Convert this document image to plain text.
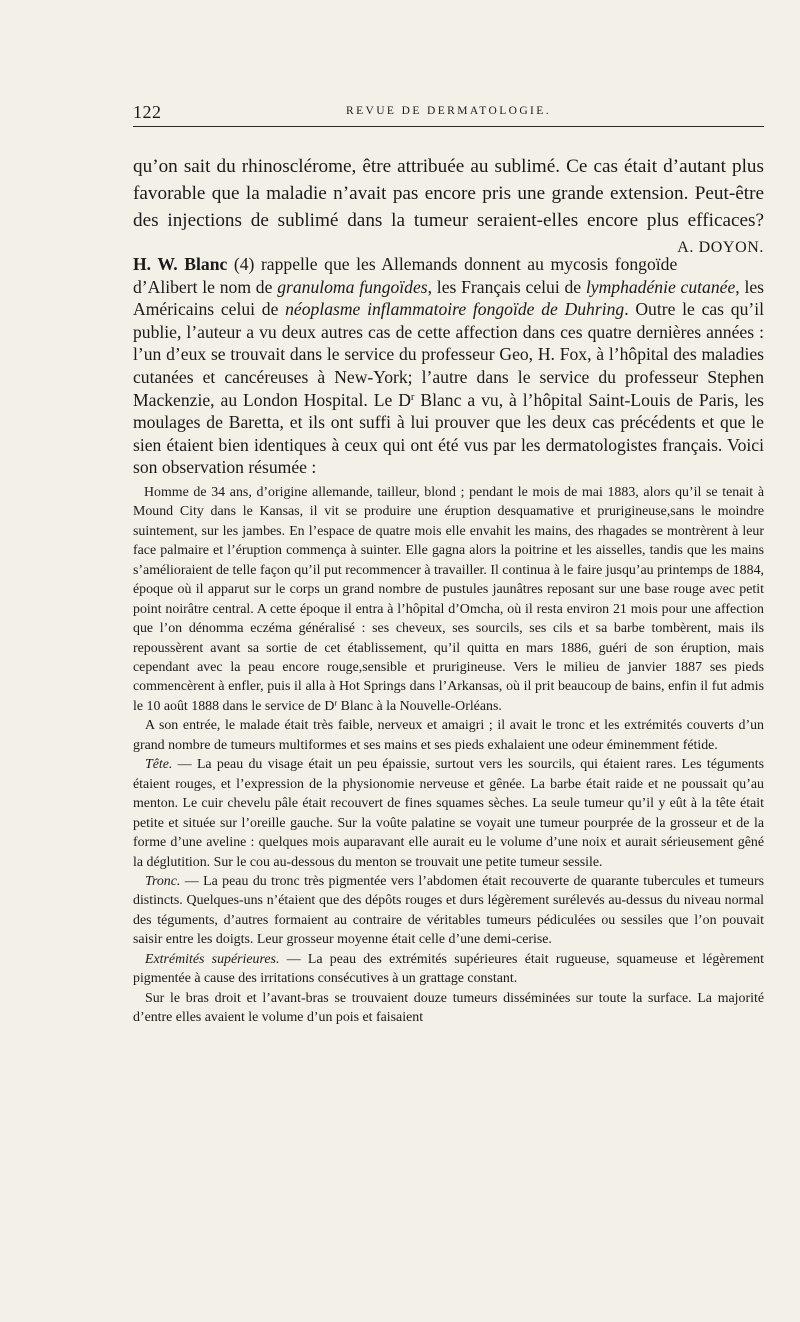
122	REVUE DE DERMATOLOGIE.
qu’on sait du rhinosclérome, être attribuée au sublimé. Ce cas était d’autant plus favorable que la maladie n’avait pas encore pris une grande extension. Peut-être des injections de sublimé dans la tumeur seraient-elles encore plus efficaces?
A. DOYON.
H. W. Blanc (4) rappelle que les Allemands donnent au mycosis fongoïde d’Alibert le nom de granuloma fungoïdes, les Français celui de lymphadénie cutanée, les Américains celui de néoplasme inflammatoire fongoïde de Duhring. Outre le cas qu’il publie, l’auteur a vu deux autres cas de cette affection dans ces quatre dernières années : l’un d’eux se trouvait dans le service du professeur Geo, H. Fox, à l’hôpital des maladies cutanées et cancéreuses à New-York; l’autre dans le service du professeur Stephen Mackenzie, au London Hospital. Le $D^r$ Blanc a vu, à l’hôpital Saint-Louis de Paris, les moulages de Baretta, et ils ont suffi à lui prouver que les deux cas précédents et que le sien étaient bien identiques à ceux qui ont été vus par les dermatologistes français. Voici son observation résumée :

Homme de 34 ans, d’origine allemande, tailleur, blond ; pendant le mois de mai 1883, alors qu’il se tenait à Mound City dans le Kansas, il vit se produire une éruption desquamative et prurigineuse,sans le moindre suintement, sur les jambes. En l’espace de quatre mois elle envahit les mains, des rhagades se montrèrent à leur face palmaire et l’éruption commença à suinter. Elle gagna alors la poitrine et les aisselles, tandis que les mains s’amélioraient de telle façon qu’il put recommencer à travailler. Il continua à le faire jusqu’au printemps de 1884, époque où il apparut sur le corps un grand nombre de pustules jaunâtres reposant sur une base rouge avec petit point noirâtre central. A cette époque il entra à l’hôpital d’Omcha, où il resta environ 21 mois pour une affection que l’on dénomma eczéma généralisé : ses cheveux, ses sourcils, ses cils et sa barbe tombèrent, mais ils repoussèrent avant sa sortie de cet établissement, qu’il quitta en mars 1886, guéri de son éruption, mais cependant avec la peau encore rouge,sensible et prurigineuse. Vers le milieu de janvier 1887 ses pieds commencèrent à enfler, puis il alla à Hot Springs dans l’Arkansas, où il prit beaucoup de bains, enfin il fut admis le 10 août 1888 dans le service de $D^r$ Blanc à la Nouvelle-Orléans.

A son entrée, le malade était très faible, nerveux et amaigri ; il avait le tronc et les extrémités couverts d’un grand nombre de tumeurs multiformes et ses mains et ses pieds exhalaient une odeur éminemment fétide.

Tête. — La peau du visage était un peu épaissie, surtout vers les sourcils, qui étaient rares. Les téguments étaient rouges, et l’expression de la physionomie nerveuse et gênée. La barbe était raide et ne poussait qu’au menton. Le cuir chevelu pâle était recouvert de fines squames sèches. La seule tumeur qu’il y eût à la tête était petite et située sur l’oreille gauche. Sur la voûte palatine se voyait une tumeur pourprée de la grosseur et de la forme d’une aveline : quelques mois auparavant elle aurait eu le volume d’une noix et aurait sérieusement gêné la déglutition. Sur le cou au-dessous du menton se trouvait une petite tumeur sessile.

Tronc. — La peau du tronc très pigmentée vers l’abdomen était recouverte de quarante tubercules et tumeurs distincts. Quelques-uns n’étaient que des dépôts rouges et durs légèrement surélevés au-dessus du niveau normal des téguments, d’autres formaient au contraire de véritables tumeurs pédiculées ou sessiles que l’on pouvait saisir entre les doigts. Leur grosseur moyenne était celle d’une demi-cerise.

Extrémités supérieures. — La peau des extrémités supérieures était rugueuse, squameuse et légèrement pigmentée à cause des irritations consécutives à un grattage constant.

Sur le bras droit et l’avant-bras se trouvaient douze tumeurs disséminées sur toute la surface. La majorité d’entre elles avaient le volume d’un pois et faisaient
